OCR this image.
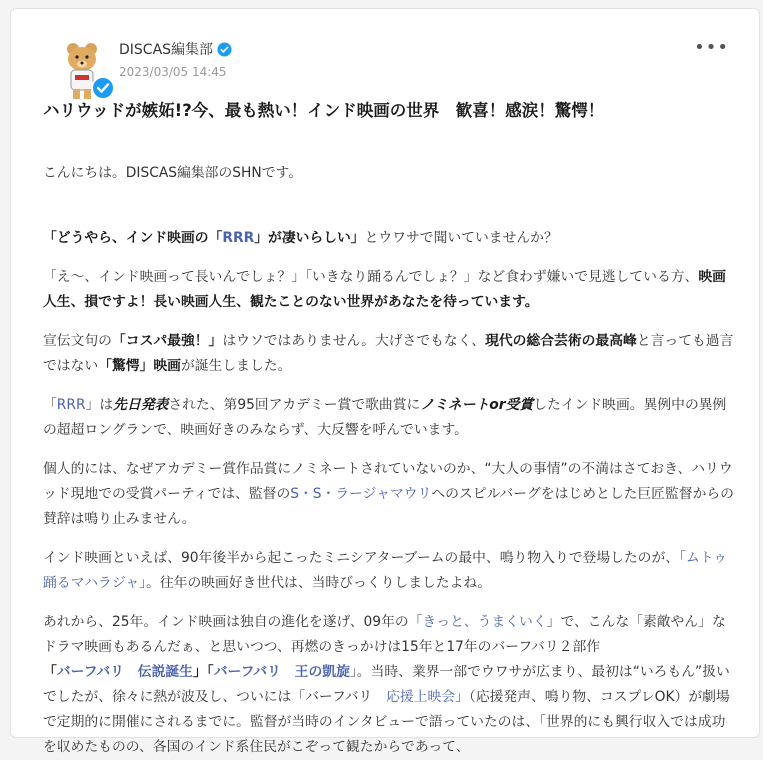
DISCAS編集部
2023/03/05 14:45
•••
ハリウッドが嫉妬!?今、最も熱い！インド映画の世界　歓喜！感涙！驚愕！

こんにちは。DISCAS編集部のSHNです。

「どうやら、インド映画の「RRR」が凄いらしい」とウワサで聞いていませんか？

「え～、インド映画って長いんでしょ？」「いきなり踊るんでしょ？」など食わず嫌いで見逃している方、映画人生、損ですよ！長い映画人生、観たことのない世界があなたを待っています。

宣伝文句の「コスパ最強！」はウソではありません。大げさでもなく、現代の総合芸術の最高峰と言っても過言ではない「驚愕」映画が誕生しました。

「RRR」は先日発表された、第95回アカデミー賞で歌曲賞にノミネートor受賞したインド映画。異例中の異例の超超ロングランで、映画好きのみならず、大反響を呼んでいます。

個人的には、なぜアカデミー賞作品賞にノミネートされていないのか、“大人の事情”の不満はさておき、ハリウッド現地での受賞パーティでは、監督のS・S・ラージャマウリへのスピルバーグをはじめとした巨匠監督からの賛辞は鳴り止みません。

インド映画といえば、90年後半から起こったミニシアターブームの最中、鳴り物入りで登場したのが、「ムトゥ　踊るマハラジャ」。往年の映画好き世代は、当時びっくりしましたよね。

あれから、25年。インド映画は独自の進化を遂げ、09年の「きっと、うまくいく」で、こんな「素敵やん」なドラマ映画もあるんだぁ、と思いつつ、再燃のきっかけは15年と17年のバーフバリ２部作
「バーフバリ　伝説誕生」「バーフバリ　王の凱旋」。当時、業界一部でウワサが広まり、最初は“いろもん”扱いでしたが、徐々に熱が波及し、ついには「バーフバリ　応援上映会」（応援発声、鳴り物、コスプレOK）が劇場で定期的に開催にされるまでに。監督が当時のインタビューで語っていたのは、「世界的にも興行収入では成功を収めたものの、各国のインド系住民がこぞって観たからであって、
